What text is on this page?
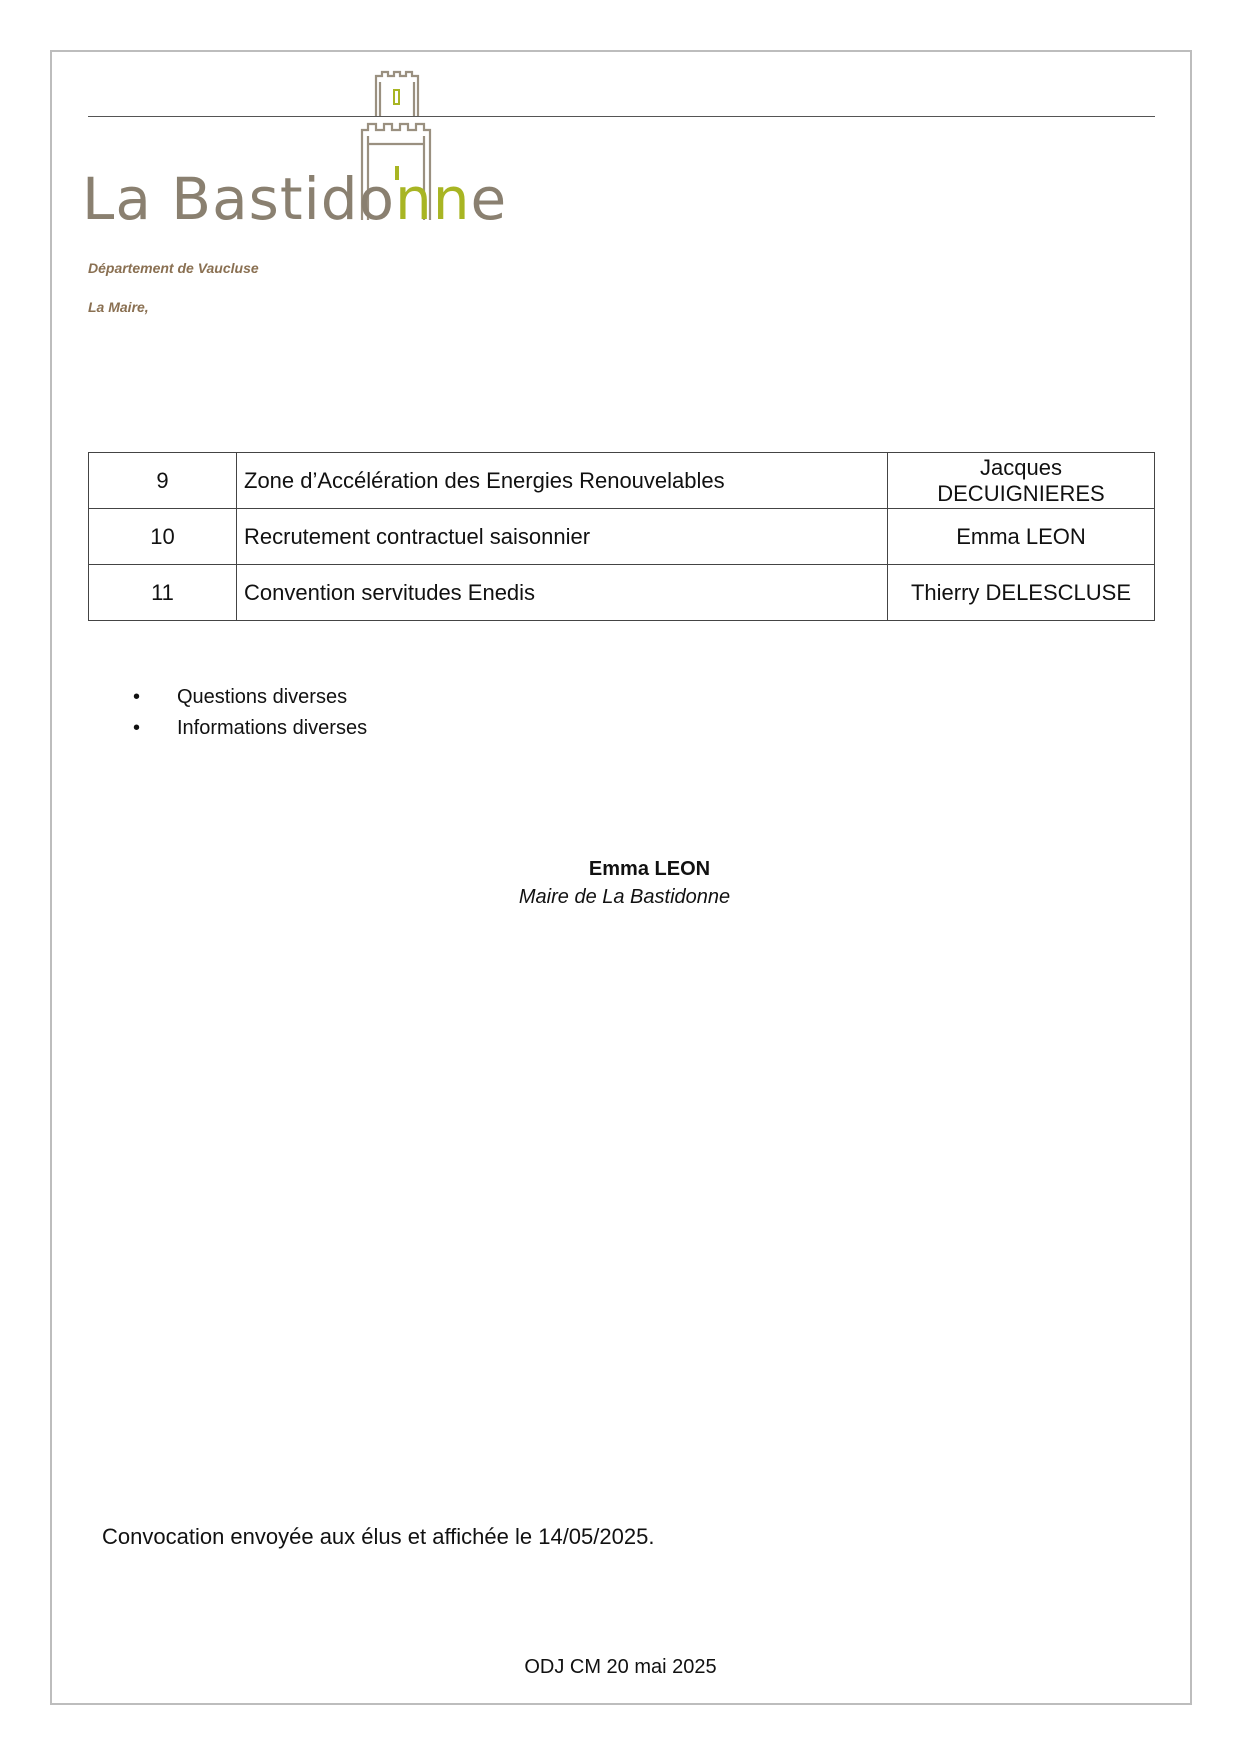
La Bastidonne
Département de Vaucluse
La Maire,
9	Zone d’Accélération des Energies Renouvelables	Jacques DECUIGNIERES
10	Recrutement contractuel saisonnier	Emma LEON
11	Convention servitudes Enedis	Thierry DELESCLUSE
• Questions diverses
• Informations diverses
Emma LEON
Maire de La Bastidonne
Convocation envoyée aux élus et affichée le 14/05/2025.
ODJ CM 20 mai 2025
